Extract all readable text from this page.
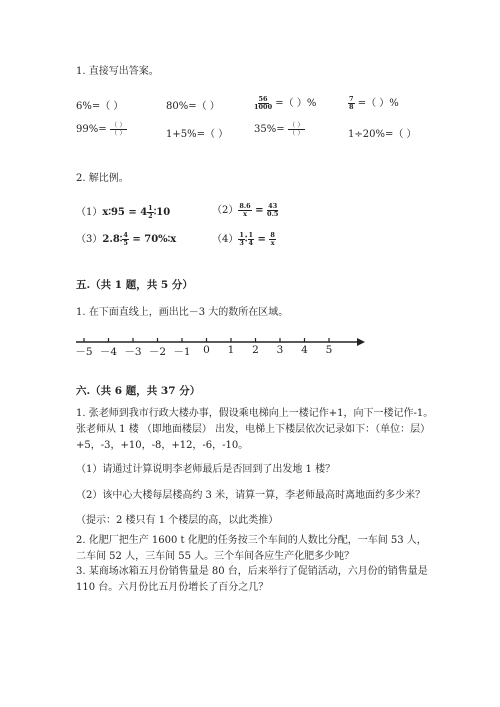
1. 直接写出答案。
6%=（ ）	80%=（ ）	$\frac{56}{1000}$ =（ ）%	$\frac{7}{8}$ =（ ）%
$99\%= \frac{( )}{( )}$	1+5%=（ ）	$35\%= \frac{( )}{( )}$	1÷20%=（ ）
2. 解比例。
（1）x∶95 = $4 \frac{1}{2}$ ∶10	$(2) \frac{8.6}{x} = \frac{43}{0.5}$
（3）2.8∶ $\frac{4}{5}$ = 70%∶x	$(4) \frac{1}{3}$ ∶ $\frac{1}{4} = \frac{8}{x}$
五.（共 1 题，共 5 分）
1. 在下面直线上，画出比－3 大的数所在区域。
－5 －4 －3 －2 －1 0 1 2 3 4 5
六.（共 6 题，共 37 分）
1. 张老师到我市行政大楼办事，假设乘电梯向上一楼记作+1，向下一楼记作-1。张老师从 1 楼 （即地面楼层） 出发，电梯上下楼层依次记录如下：（单位：层）+5，-3，+10，-8，+12，-6，-10。
（1）请通过计算说明李老师最后是否回到了出发地 1 楼？
（2）该中心大楼每层楼高约 3 米，请算一算，李老师最高时离地面约多少米？
（提示：2 楼只有 1 个楼层的高，以此类推）
2. 化肥厂把生产 1600 t 化肥的任务按三个车间的人数比分配，一车间 53 人，二车间 52 人，三车间 55 人。三个车间各应生产化肥多少吨？
3. 某商场冰箱五月份销售量是 80 台，后来举行了促销活动，六月份的销售量是 110 台。六月份比五月份增长了百分之几？
